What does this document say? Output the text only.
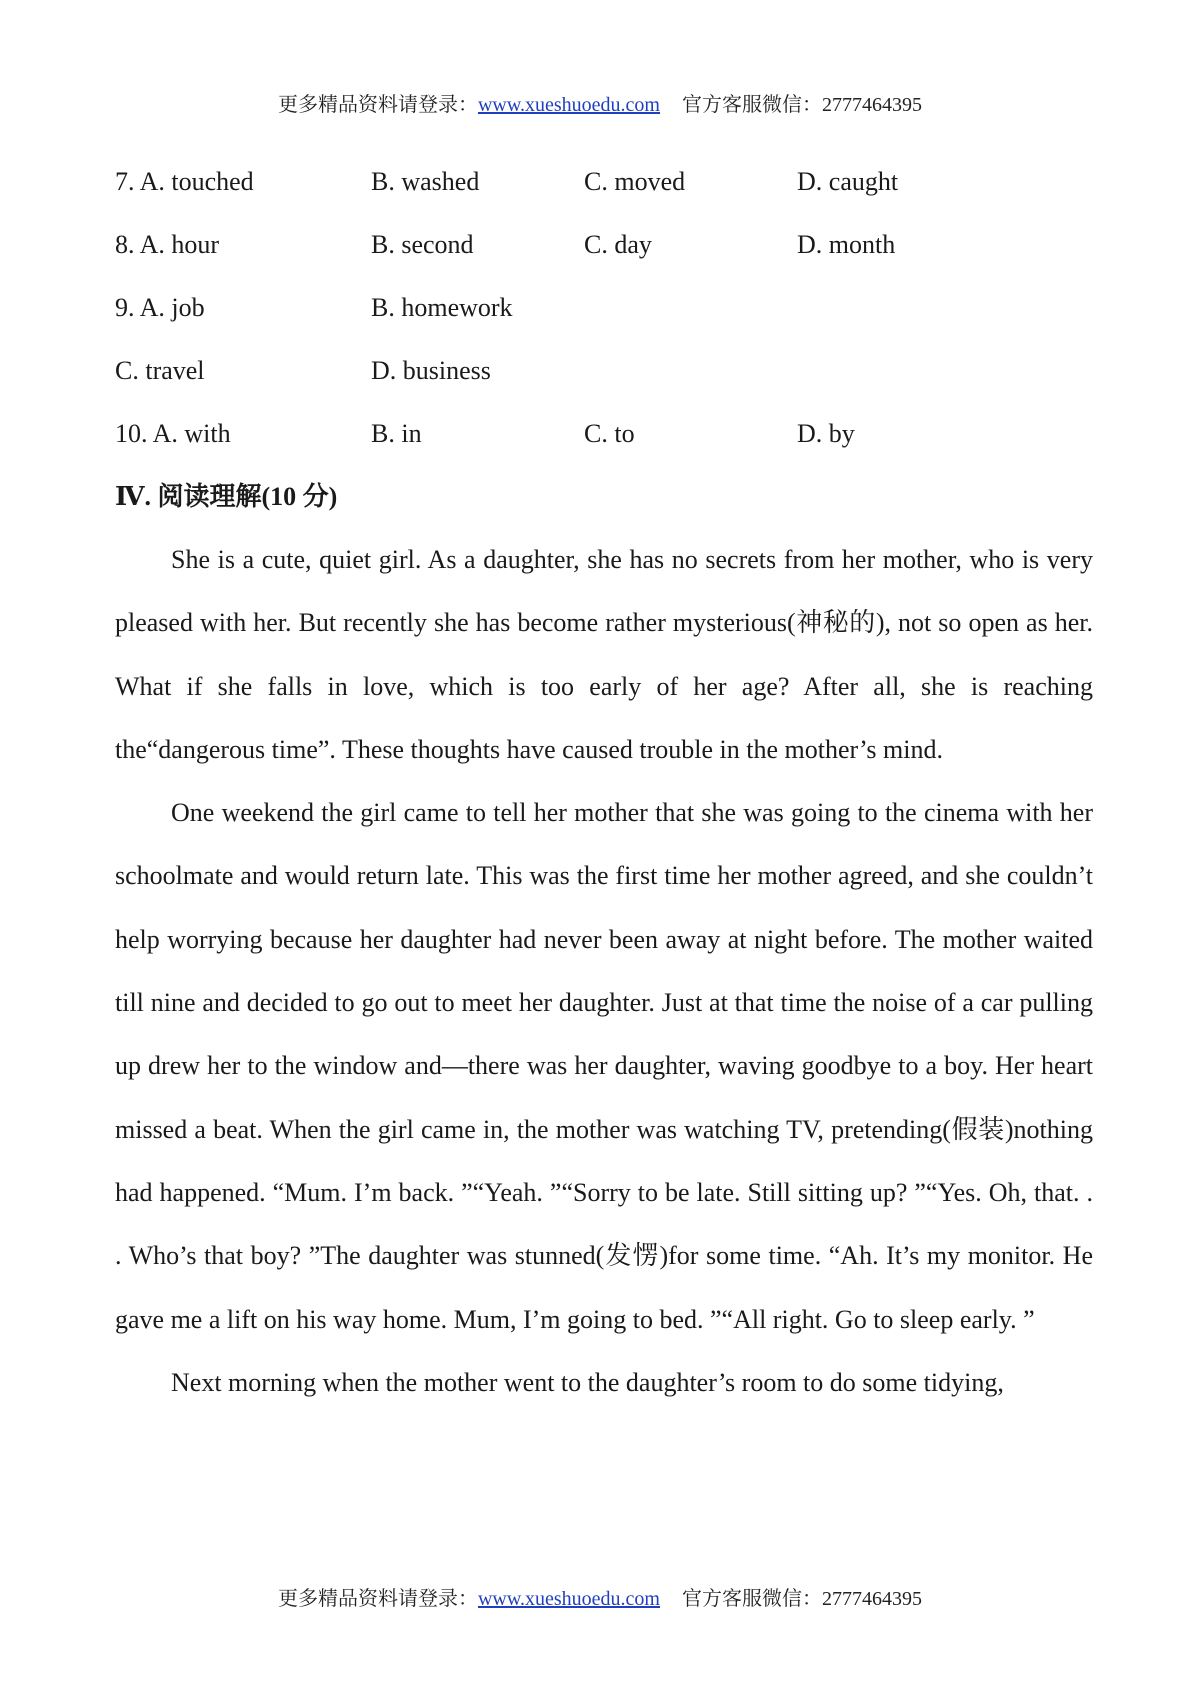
更多精品资料请登录：www.xueshuoedu.com 官方客服微信：2777464395
7. A. touched	B. washed	C. moved	D. caught
8. A. hour	B. second	C. day	D. month
9. A. job	B. homework
C. travel	D. business
10. A. with	B. in	C. to	D. by
Ⅳ. 阅读理解(10 分)

She is a cute, quiet girl. As a daughter, she has no secrets from her mother, who is very pleased with her. But recently she has become rather mysterious(神秘的), not so open as her. What if she falls in love, which is too early of her age? After all, she is reaching the“dangerous time”. These thoughts have caused trouble in the mother’s mind.

One weekend the girl came to tell her mother that she was going to the cinema with her schoolmate and would return late. This was the first time her mother agreed, and she couldn’t help worrying because her daughter had never been away at night before. The mother waited till nine and decided to go out to meet her daughter. Just at that time the noise of a car pulling up drew her to the window and—there was her daughter, waving goodbye to a boy. Her heart missed a beat. When the girl came in, the mother was watching TV, pretending(假装)nothing had happened. “Mum. I’m back. ”“Yeah. ”“Sorry to be late. Still sitting up? ”“Yes. Oh, that. . . Who’s that boy? ”The daughter was stunned(发愣)for some time. “Ah. It’s my monitor. He gave me a lift on his way home. Mum, I’m going to bed. ”“All right. Go to sleep early. ”

Next morning when the mother went to the daughter’s room to do some tidying,

更多精品资料请登录：www.xueshuoedu.com 官方客服微信：2777464395
